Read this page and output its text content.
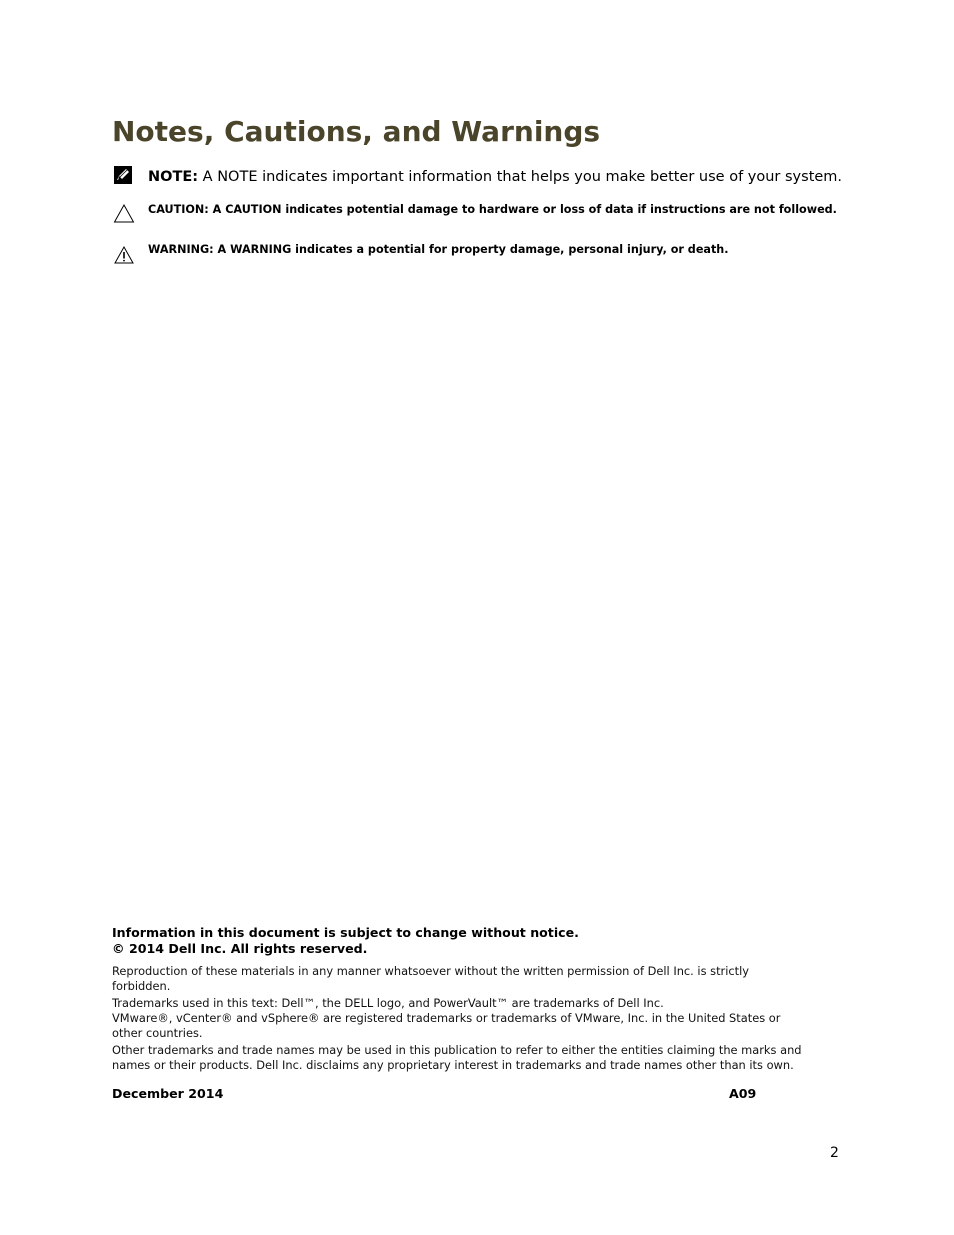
Notes, Cautions, and Warnings
NOTE: A NOTE indicates important information that helps you make better use of your system.
CAUTION: A CAUTION indicates potential damage to hardware or loss of data if instructions are not followed.
WARNING: A WARNING indicates a potential for property damage, personal injury, or death.
Information in this document is subject to change without notice.
© 2014 Dell Inc. All rights reserved.
Reproduction of these materials in any manner whatsoever without the written permission of Dell Inc. is strictly
forbidden.
Trademarks used in this text: Dell™, the DELL logo, and PowerVault™ are trademarks of Dell Inc.
VMware®, vCenter® and vSphere® are registered trademarks or trademarks of VMware, Inc. in the United States or
other countries.
Other trademarks and trade names may be used in this publication to refer to either the entities claiming the marks and
names or their products. Dell Inc. disclaims any proprietary interest in trademarks and trade names other than its own.
December 2014	A09
2
